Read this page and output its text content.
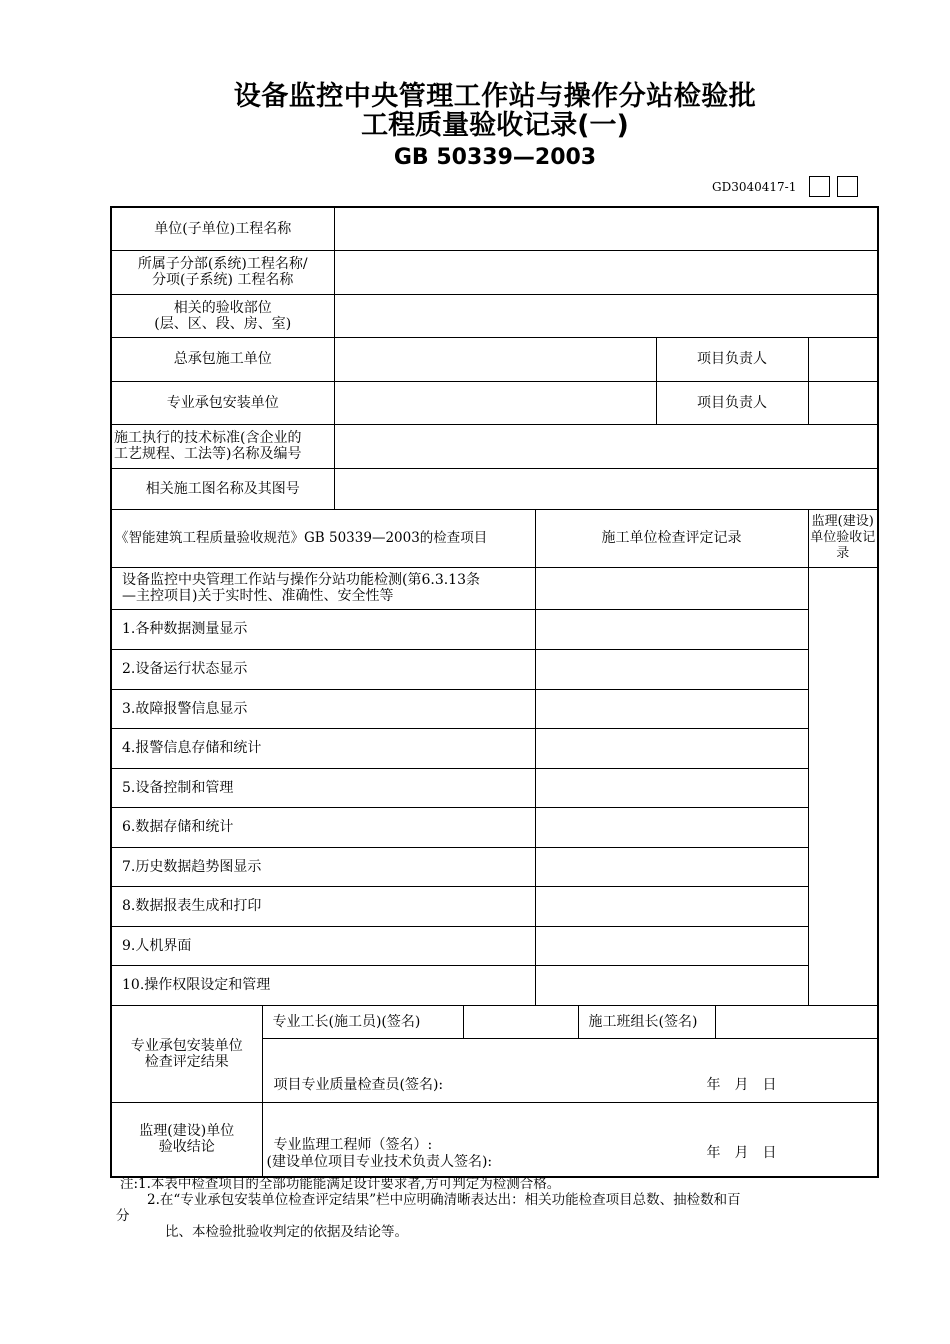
设备监控中央管理工作站与操作分站检验批
工程质量验收记录(一)
GB 50339—2003
GD3040417-1
单位(子单位)工程名称								
所属子分部(系统)工程名称/
分项(子系统) 工程名称								
相关的验收部位
(层、区、段、房、室)								
总承包施工单位						项目负责人		
专业承包安装单位						项目负责人		
施工执行的技术标准(含企业的
工艺规程、工法等)名称及编号								
相关施工图名称及其图号								
《智能建筑工程质量验收规范》GB 50339—2003的检查项目				施工单位检查评定记录				监理(建设)
单位验收记录
设备监控中央管理工作站与操作分站功能检测(第6.3.13条
—主控项目)关于实时性、准确性、安全性等								
1.各种数据测量显示								
2.设备运行状态显示								
3.故障报警信息显示								
4.报警信息存储和统计								
5.设备控制和管理								
6.数据存储和统计								
7.历史数据趋势图显示								
8.数据报表生成和打印								
9.人机界面								
10.操作权限设定和管理								
专业承包安装单位
检查评定结果	专业工长(施工员)(签名)				施工班组长(签名)			

	项目专业质量检查员(签名): 年　月　日							

监理(建设)单位
验收结论	专业监理工程师（签名）:
(建设单位项目专业技术负责人签名):
年　月　日							
注:1.本表中检查项目的全部功能能满足设计要求者,方可判定为检测合格。
2.在“专业承包安装单位检查评定结果”栏中应明确清晰表达出：相关功能检查项目总数、抽检数和百
分
比、本检验批验收判定的依据及结论等。
